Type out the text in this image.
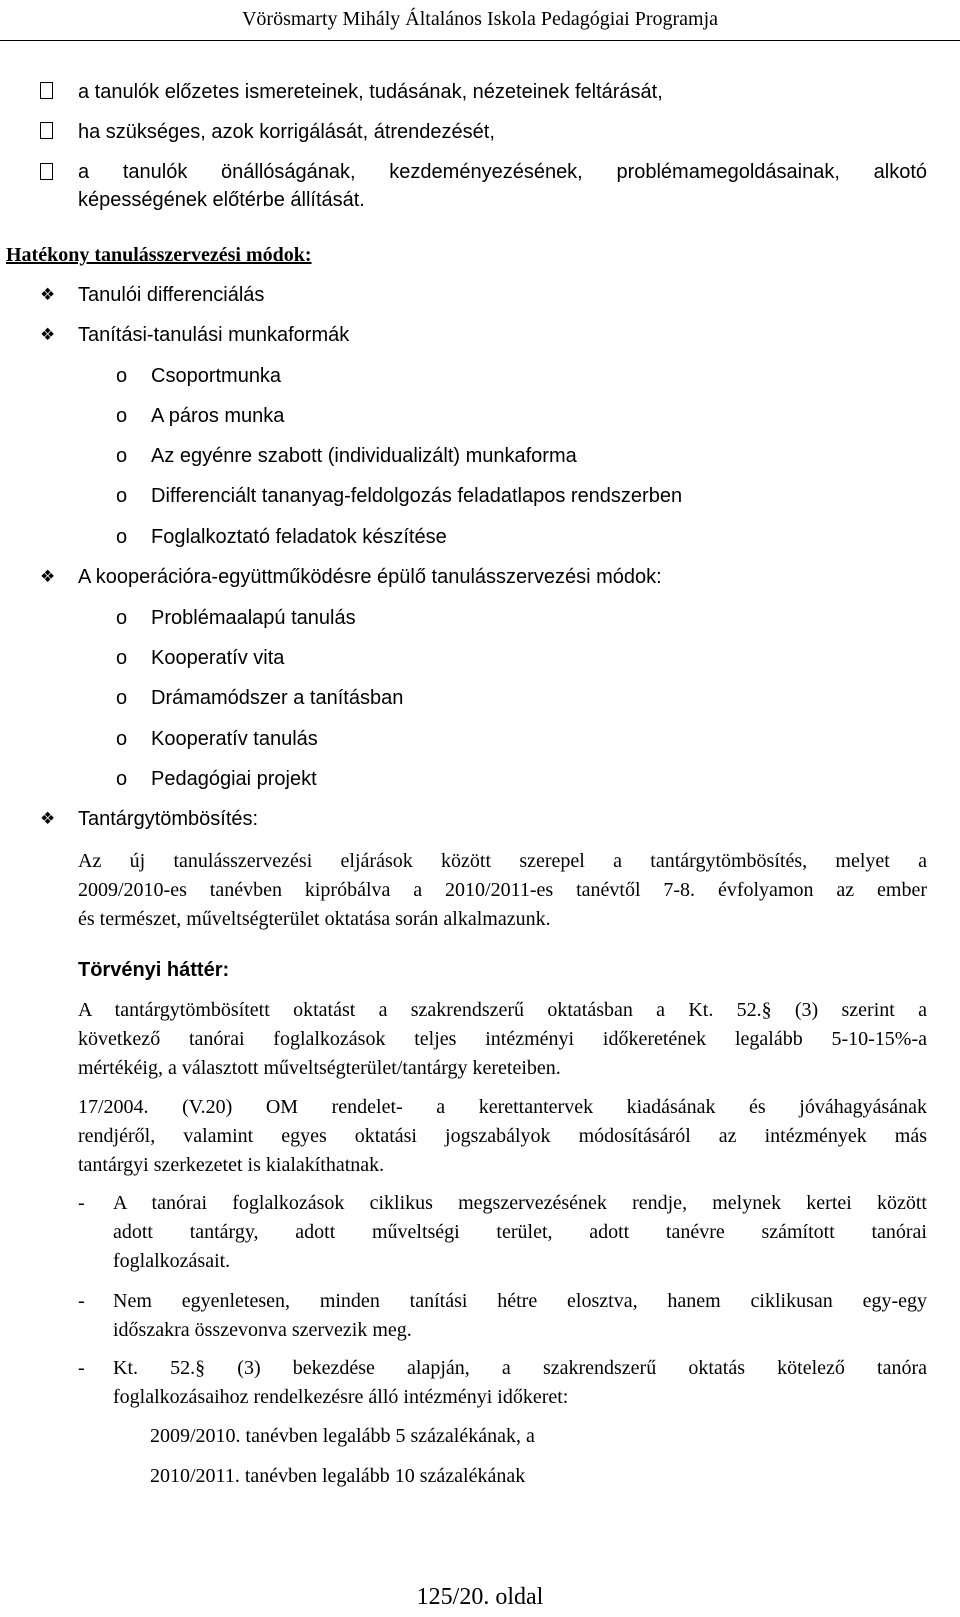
Vörösmarty Mihály Általános Iskola Pedagógiai Programja
a tanulók előzetes ismereteinek, tudásának, nézeteinek feltárását,
ha szükséges, azok korrigálását, átrendezését,
a tanulók önállóságának, kezdeményezésének, problémamegoldásainak, alkotó
képességének előtérbe állítását.
Hatékony tanulásszervezési módok:
❖ Tanulói differenciálás
❖ Tanítási-tanulási munkaformák
o Csoportmunka
o A páros munka
o Az egyénre szabott (individualizált) munkaforma
o Differenciált tananyag-feldolgozás feladatlapos rendszerben
o Foglalkoztató feladatok készítése
❖ A kooperációra-együttműködésre épülő tanulásszervezési módok:
o Problémaalapú tanulás
o Kooperatív vita
o Drámamódszer a tanításban
o Kooperatív tanulás
o Pedagógiai projekt
❖ Tantárgytömbösítés:
Az új tanulásszervezési eljárások között szerepel a tantárgytömbösítés, melyet a
2009/2010-es tanévben kipróbálva a 2010/2011-es tanévtől 7-8. évfolyamon az ember
és természet, műveltségterület oktatása során alkalmazunk.
Törvényi háttér:
A tantárgytömbösített oktatást a szakrendszerű oktatásban a Kt. 52.§ (3) szerint a
következő tanórai foglalkozások teljes intézményi időkeretének legalább 5-10-15%-a
mértékéig, a választott műveltségterület/tantárgy kereteiben.
17/2004. (V.20) OM rendelet- a kerettantervek kiadásának és jóváhagyásának
rendjéről, valamint egyes oktatási jogszabályok módosításáról az intézmények más
tantárgyi szerkezetet is kialakíthatnak.
- A tanórai foglalkozások ciklikus megszervezésének rendje, melynek kertei között
adott tantárgy, adott műveltségi terület, adott tanévre számított tanórai
foglalkozásait.
- Nem egyenletesen, minden tanítási hétre elosztva, hanem ciklikusan egy-egy
időszakra összevonva szervezik meg.
- Kt. 52.§ (3) bekezdése alapján, a szakrendszerű oktatás kötelező tanóra
foglalkozásaihoz rendelkezésre álló intézményi időkeret:
2009/2010. tanévben legalább 5 százalékának, a
2010/2011. tanévben legalább 10 százalékának
125/20. oldal
